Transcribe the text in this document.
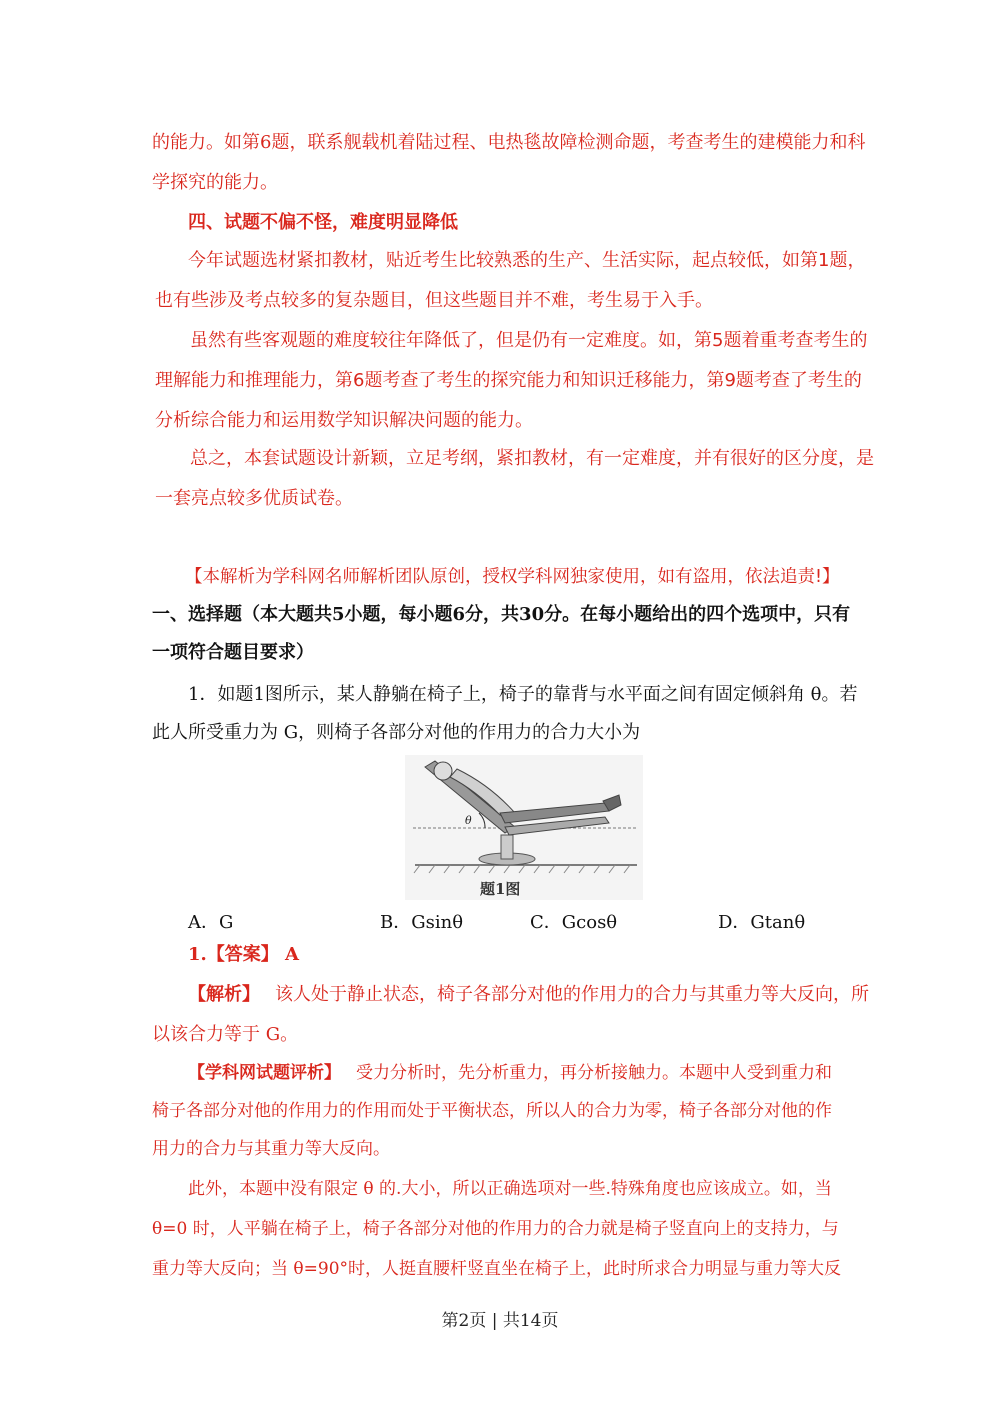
的能力。如第6题，联系舰载机着陆过程、电热毯故障检测命题，考查考生的建模能力和科
学探究的能力。
四、试题不偏不怪，难度明显降低
今年试题选材紧扣教材，贴近考生比较熟悉的生产、生活实际，起点较低，如第1题，
也有些涉及考点较多的复杂题目，但这些题目并不难，考生易于入手。
虽然有些客观题的难度较往年降低了，但是仍有一定难度。如，第5题着重考查考生的
理解能力和推理能力，第6题考查了考生的探究能力和知识迁移能力，第9题考查了考生的
分析综合能力和运用数学知识解决问题的能力。
总之，本套试题设计新颖，立足考纲，紧扣教材，有一定难度，并有很好的区分度，是
一套亮点较多优质试卷。
【本解析为学科网名师解析团队原创，授权学科网独家使用，如有盗用，依法追责!】
一、选择题（本大题共5小题，每小题6分，共30分。在每小题给出的四个选项中，只有
一项符合题目要求）
1．如题1图所示，某人静躺在椅子上，椅子的靠背与水平面之间有固定倾斜角 θ。若
此人所受重力为 G，则椅子各部分对他的作用力的合力大小为
θ
题1图
A．G	B．Gsinθ	C．Gcosθ	D．Gtanθ
1.【答案】 A
【解析】 该人处于静止状态，椅子各部分对他的作用力的合力与其重力等大反向，所
以该合力等于 G。
【学科网试题评析】 受力分析时，先分析重力，再分析接触力。本题中人受到重力和
椅子各部分对他的作用力的作用而处于平衡状态，所以人的合力为零，椅子各部分对他的作
用力的合力与其重力等大反向。
此外，本题中没有限定 θ 的.大小，所以正确选项对一些.特殊角度也应该成立。如，当
θ=0 时，人平躺在椅子上，椅子各部分对他的作用力的合力就是椅子竖直向上的支持力，与
重力等大反向；当 θ=90°时，人挺直腰杆竖直坐在椅子上，此时所求合力明显与重力等大反
第2页 | 共14页
